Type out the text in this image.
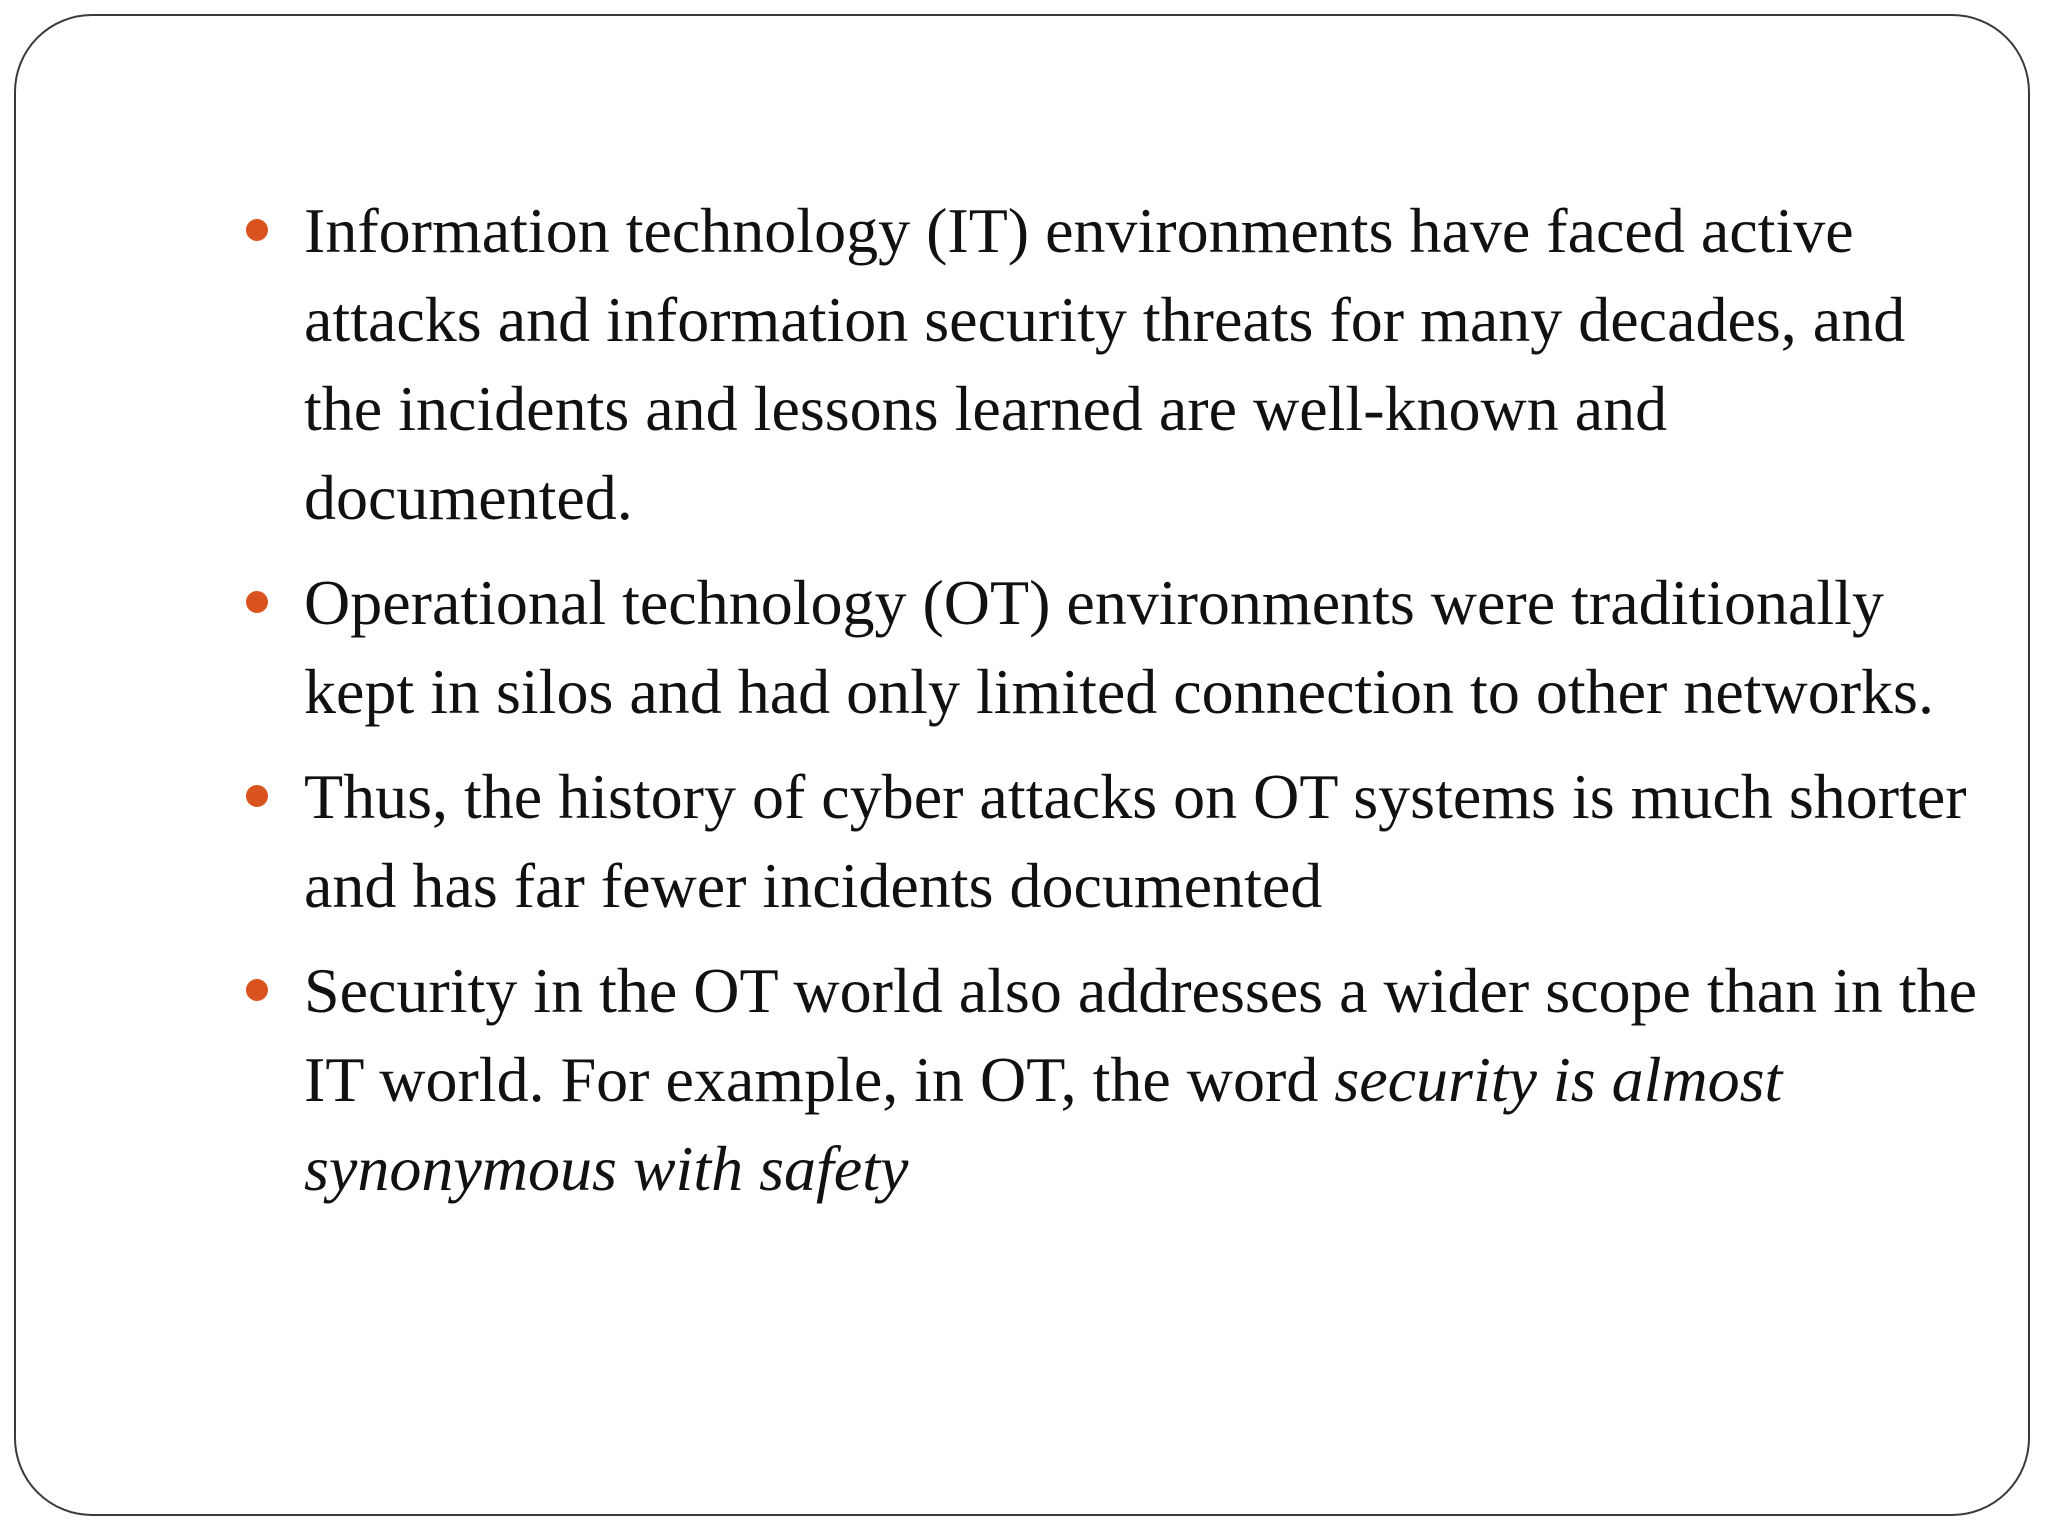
Information technology (IT) environments have faced active attacks and information security threats for many decades, and the incidents and lessons learned are well-known and documented.
Operational technology (OT) environments were traditionally kept in silos and had only limited connection to other networks.
Thus, the history of cyber attacks on OT systems is much shorter and has far fewer incidents documented
Security in the OT world also addresses a wider scope than in the IT world. For example, in OT, the word security is almost synonymous with safety
